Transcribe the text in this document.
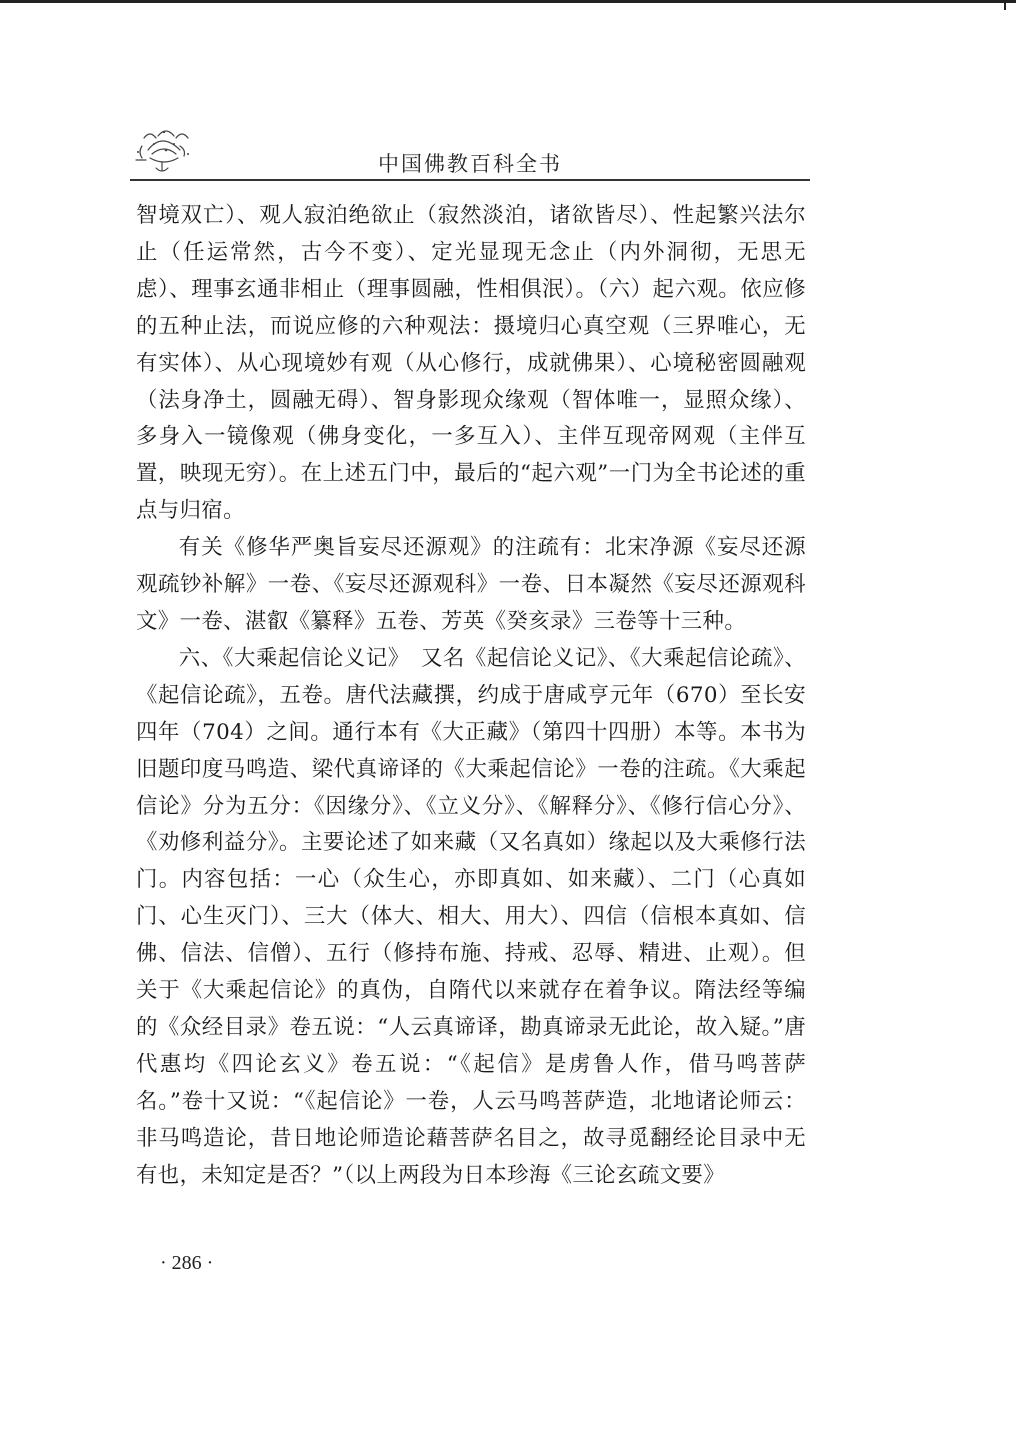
中国佛教百科全书

智境双亡）、观人寂泊绝欲止（寂然淡泊，诸欲皆尽）、性起繁兴法尔止（任运常然，古今不变）、定光显现无念止（内外洞彻，无思无虑）、理事玄通非相止（理事圆融，性相俱泯）。（六）起六观。依应修的五种止法，而说应修的六种观法：摄境归心真空观（三界唯心，无有实体）、从心现境妙有观（从心修行，成就佛果）、心境秘密圆融观（法身净土，圆融无碍）、智身影现众缘观（智体唯一，显照众缘）、多身入一镜像观（佛身变化，一多互入）、主伴互现帝网观（主伴互置，映现无穷）。在上述五门中，最后的“起六观”一门为全书论述的重点与归宿。

有关《修华严奥旨妄尽还源观》的注疏有：北宋净源《妄尽还源观疏钞补解》一卷、《妄尽还源观科》一卷、日本凝然《妄尽还源观科文》一卷、湛叡《纂释》五卷、芳英《癸亥录》三卷等十三种。

六、《大乘起信论义记》　又名《起信论义记》、《大乘起信论疏》、《起信论疏》，五卷。唐代法藏撰，约成于唐咸亨元年（670）至长安四年（704）之间。通行本有《大正藏》（第四十四册）本等。本书为旧题印度马鸣造、梁代真谛译的《大乘起信论》一卷的注疏。《大乘起信论》分为五分：《因缘分》、《立义分》、《解释分》、《修行信心分》、《劝修利益分》。主要论述了如来藏（又名真如）缘起以及大乘修行法门。内容包括：一心（众生心，亦即真如、如来藏）、二门（心真如门、心生灭门）、三大（体大、相大、用大）、四信（信根本真如、信佛、信法、信僧）、五行（修持布施、持戒、忍辱、精进、止观）。但关于《大乘起信论》的真伪，自隋代以来就存在着争议。隋法经等编的《众经目录》卷五说：“人云真谛译，勘真谛录无此论，故入疑。”唐代惠均《四论玄义》卷五说：“《起信》是虏鲁人作，借马鸣菩萨名。”卷十又说：“《起信论》一卷，人云马鸣菩萨造，北地诸论师云：非马鸣造论，昔日地论师造论藉菩萨名目之，故寻觅翻经论目录中无有也，未知定是否？”（以上两段为日本珍海《三论玄疏文要》

· 286 ·
